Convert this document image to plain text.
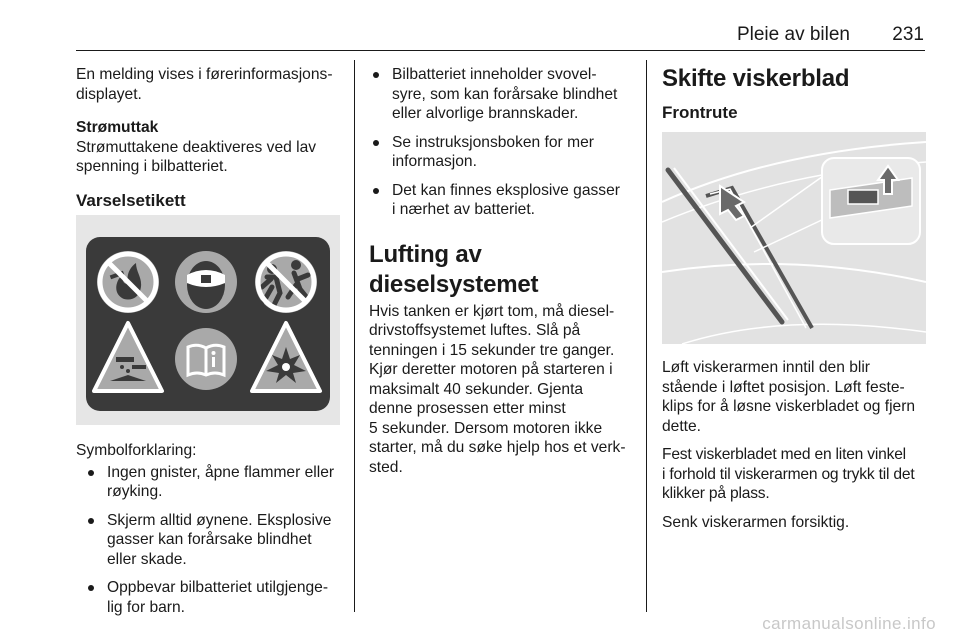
Pleie av bilen	231

En melding vises i førerinformasjons-
displayet.

Strømuttak

Strømuttakene deaktiveres ved lav
spenning i bilbatteriet.

Varselsetikett

Symbolforklaring:

Ingen gnister, åpne flammer eller
røyking.
Skjerm alltid øynene. Eksplosive
gasser kan forårsake blindhet
eller skade.
Oppbevar bilbatteriet utilgjenge-
lig for barn.
Bilbatteriet inneholder svovel-
syre, som kan forårsake blindhet
eller alvorlige brannskader.
Se instruksjonsboken for mer
informasjon.
Det kan finnes eksplosive gasser
i nærhet av batteriet.

Lufting av dieselsystemet

Hvis tanken er kjørt tom, må diesel-
drivstoffsystemet luftes. Slå på
tenningen i 15 sekunder tre ganger.
Kjør deretter motoren på starteren i
maksimalt 40 sekunder. Gjenta
denne prosessen etter minst
5 sekunder. Dersom motoren ikke
starter, må du søke hjelp hos et verk-
sted.

Skifte viskerblad

Frontrute

Løft viskerarmen inntil den blir
stående i løftet posisjon. Løft feste-
klips for å løsne viskerbladet og fjern
dette.

Fest viskerbladet med en liten vinkel
i forhold til viskerarmen og trykk til det
klikker på plass.

Senk viskerarmen forsiktig.

carmanualsonline.info
